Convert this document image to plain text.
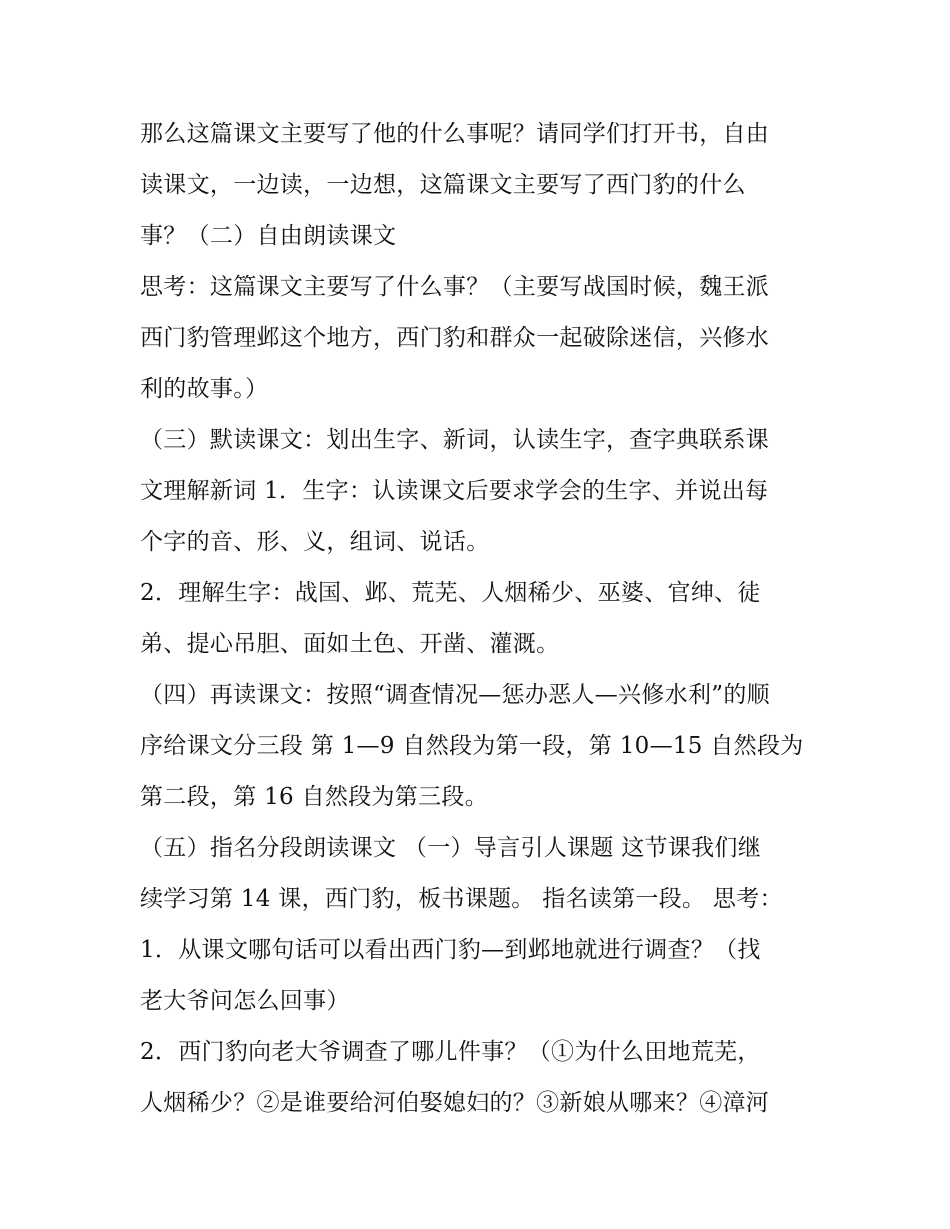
那么这篇课文主要写了他的什么事呢？请同学们打开书，自由
读课文，一边读，一边想，这篇课文主要写了西门豹的什么
事？（二）自由朗读课文
思考：这篇课文主要写了什么事？（主要写战国时候，魏王派
西门豹管理邺这个地方，西门豹和群众一起破除迷信，兴修水
利的故事。）
（三）默读课文：划出生字、新词，认读生字，查字典联系课
文理解新词 1．生字：认读课文后要求学会的生字、并说出每
个字的音、形、义，组词、说话。
2．理解生字：战国、邺、荒芜、人烟稀少、巫婆、官绅、徒
弟、提心吊胆、面如土色、开凿、灌溉。
（四）再读课文：按照“调查情况—惩办恶人—兴修水利”的顺
序给课文分三段 第 1—9 自然段为第一段，第 10—15 自然段为
第二段，第 16 自然段为第三段。
（五）指名分段朗读课文 （一）导言引人课题 这节课我们继
续学习第 14 课，西门豹，板书课题。 指名读第一段。 思考：
1．从课文哪句话可以看出西门豹—到邺地就进行调查？（找
老大爷问怎么回事）
2．西门豹向老大爷调查了哪儿件事？（①为什么田地荒芜，
人烟稀少？②是谁要给河伯娶媳妇的？③新娘从哪来？④漳河
